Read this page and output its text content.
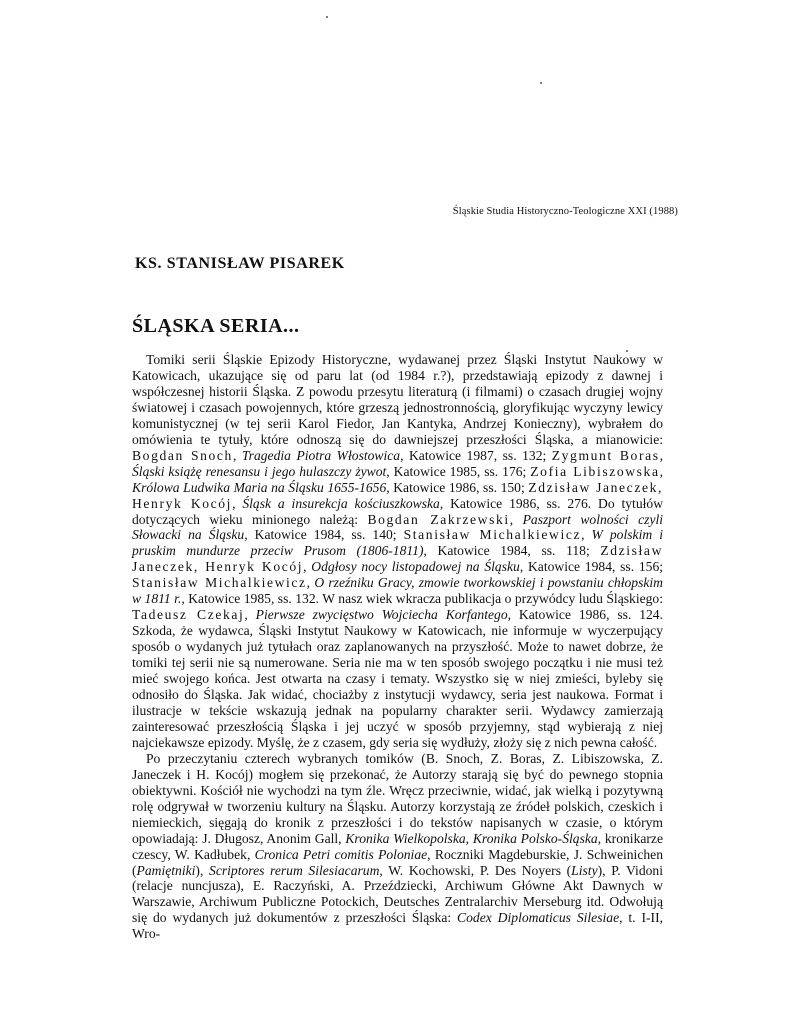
Śląskie Studia Historyczno-Teologiczne XXI (1988)
KS. STANISŁAW PISAREK
ŚLĄSKA SERIA...

Tomiki serii Śląskie Epizody Historyczne, wydawanej przez Śląski Instytut Naukowy w Katowicach, ukazujące się od paru lat (od 1984 r.?), przedstawiają epizody z dawnej i współczesnej historii Śląska. Z powodu przesytu literaturą (i filmami) o czasach drugiej wojny światowej i czasach powojennych, które grzeszą jednostronnością, gloryfikując wyczyny lewicy komunistycznej (w tej serii Karol Fiedor, Jan Kantyka, Andrzej Konieczny), wybrałem do omówienia te tytuły, które odnoszą się do dawniejszej przeszłości Śląska, a mianowicie: Bogdan Snoch, Tragedia Piotra Włostowica, Katowice 1987, ss. 132; Zygmunt Boras, Śląski książę renesansu i jego hulaszczy żywot, Katowice 1985, ss. 176; Zofia Libiszowska, Królowa Ludwika Maria na Śląsku 1655-1656, Katowice 1986, ss. 150; Zdzisław Janeczek, Henryk Kocój, Śląsk a insurekcja kościuszkowska, Katowice 1986, ss. 276. Do tytułów dotyczących wieku minionego należą: Bogdan Zakrzewski, Paszport wolności czyli Słowacki na Śląsku, Katowice 1984, ss. 140; Stanisław Michalkiewicz, W polskim i pruskim mundurze przeciw Prusom (1806-1811), Katowice 1984, ss. 118; Zdzisław Janeczek, Henryk Kocój, Odgłosy nocy listopadowej na Śląsku, Katowice 1984, ss. 156; Stanisław Michalkiewicz, O rzeźniku Gracy, zmowie tworkowskiej i powstaniu chłopskim w 1811 r., Katowice 1985, ss. 132. W nasz wiek wkracza publikacja o przywódcy ludu Śląskiego: Tadeusz Czekaj, Pierwsze zwycięstwo Wojciecha Korfantego, Katowice 1986, ss. 124. Szkoda, że wydawca, Śląski Instytut Naukowy w Katowicach, nie informuje w wyczerpujący sposób o wydanych już tytułach oraz zaplanowanych na przyszłość. Może to nawet dobrze, że tomiki tej serii nie są numerowane. Seria nie ma w ten sposób swojego początku i nie musi też mieć swojego końca. Jest otwarta na czasy i tematy. Wszystko się w niej zmieści, byleby się odnosiło do Śląska. Jak widać, chociażby z instytucji wydawcy, seria jest naukowa. Format i ilustracje w tekście wskazują jednak na popularny charakter serii. Wydawcy zamierzają zainteresować przeszłością Śląska i jej uczyć w sposób przyjemny, stąd wybierają z niej najciekawsze epizody. Myślę, że z czasem, gdy seria się wydłuży, złoży się z nich pewna całość.

Po przeczytaniu czterech wybranych tomików (B. Snoch, Z. Boras, Z. Libiszowska, Z. Janeczek i H. Kocój) mogłem się przekonać, że Autorzy starają się być do pewnego stopnia obiektywni. Kościół nie wychodzi na tym źle. Wręcz przeciwnie, widać, jak wielką i pozytywną rolę odgrywał w tworzeniu kultury na Śląsku. Autorzy korzystają ze źródeł polskich, czeskich i niemieckich, sięgają do kronik z przeszłości i do tekstów napisanych w czasie, o którym opowiadają: J. Długosz, Anonim Gall, Kronika Wielkopolska, Kronika Polsko-Śląska, kronikarze czescy, W. Kadłubek, Cronica Petri comitis Poloniae, Roczniki Magdeburskie, J. Schweinichen (Pamiętniki), Scriptores rerum Silesiacarum, W. Kochowski, P. Des Noyers (Listy), P. Vidoni (relacje nuncjusza), E. Raczyński, A. Przeździecki, Archiwum Główne Akt Dawnych w Warszawie, Archiwum Publiczne Potockich, Deutsches Zentralarchiv Merseburg itd. Odwołują się do wydanych już dokumentów z przeszłości Śląska: Codex Diplomaticus Silesiae, t. I-II, Wro-
